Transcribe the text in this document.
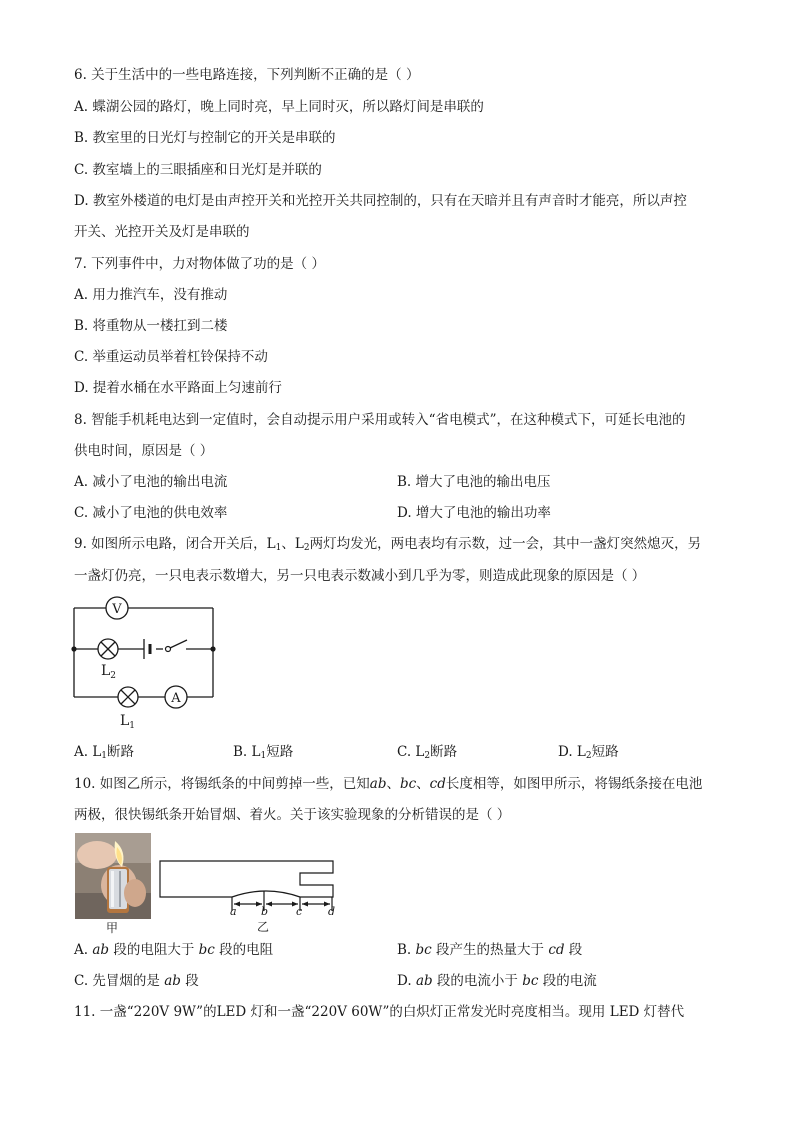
6. 关于生活中的一些电路连接，下列判断不正确的是（ ）
A. 蝶湖公园的路灯，晚上同时亮，早上同时灭，所以路灯间是串联的
B. 教室里的日光灯与控制它的开关是串联的
C. 教室墙上的三眼插座和日光灯是并联的
D. 教室外楼道的电灯是由声控开关和光控开关共同控制的，只有在天暗并且有声音时才能亮，所以声控
开关、光控开关及灯是串联的
7. 下列事件中，力对物体做了功的是（ ）
A. 用力推汽车，没有推动
B. 将重物从一楼扛到二楼
C. 举重运动员举着杠铃保持不动
D. 提着水桶在水平路面上匀速前行
8. 智能手机耗电达到一定值时，会自动提示用户采用或转入“省电模式”，在这种模式下，可延长电池的
供电时间，原因是（ ）
A. 减小了电池的输出电流	B. 增大了电池的输出电压
C. 减小了电池的供电效率	D. 增大了电池的输出功率
9. 如图所示电路，闭合开关后，$L_1$、$L_2$两灯均发光，两电表均有示数，过一会，其中一盏灯突然熄灭，另
一盏灯仍亮，一只电表示数增大，另一只电表示数减小到几乎为零，则造成此现象的原因是（ ）
V
$L_2$
$L_1$
A
A. $L_1$断路	B. $L_1$短路	C. $L_2$断路	D. $L_2$短路
10. 如图乙所示，将锡纸条的中间剪掉一些，已知ab、bc、cd长度相等，如图甲所示，将锡纸条接在电池
两极，很快锡纸条开始冒烟、着火。关于该实验现象的分析错误的是（ ）
甲
a b	c d
乙
A. ab 段的电阻大于 bc 段的电阻	B. bc 段产生的热量大于 cd 段
C. 先冒烟的是 ab 段	D. ab 段的电流小于 bc 段的电流
11. 一盏“220V 9W”的LED 灯和一盏“220V 60W”的白炽灯正常发光时亮度相当。现用 LED 灯替代
